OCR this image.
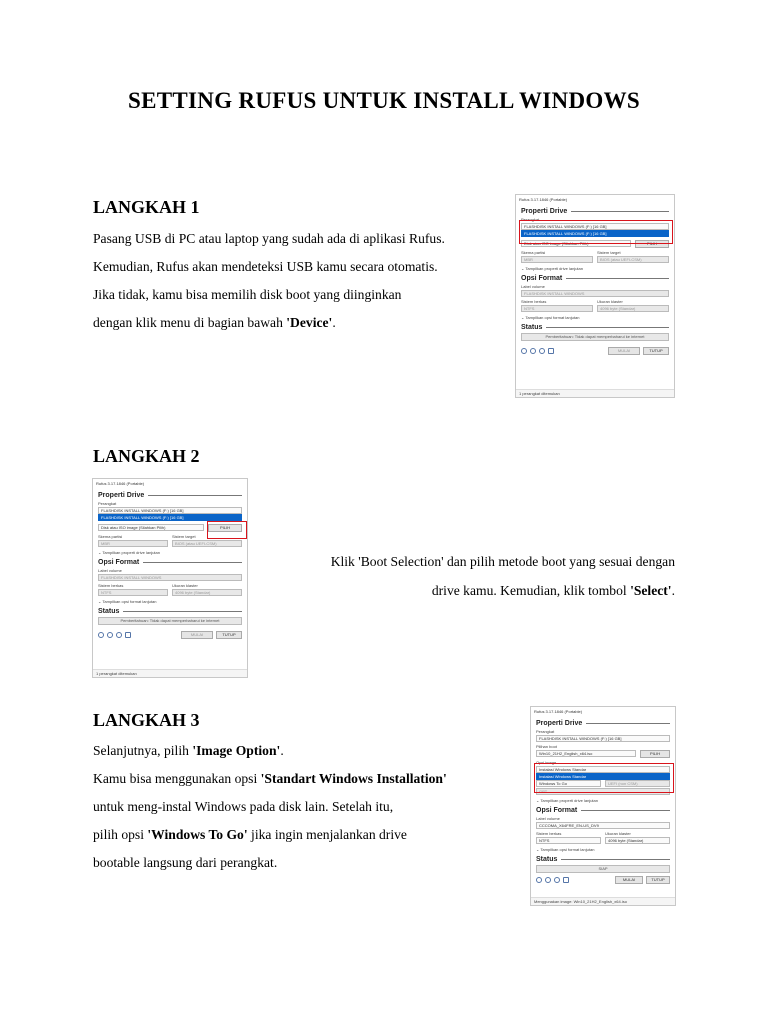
SETTING RUFUS UNTUK INSTALL WINDOWS
LANGKAH 1
Pasang USB di PC atau laptop yang sudah ada di aplikasi Rufus.
Kemudian, Rufus akan mendeteksi USB kamu secara otomatis.
Jika tidak, kamu bisa memilih disk boot yang diinginkan
dengan klik menu di bagian bawah 'Device'.
Rufus 3.17.1846 (Portable)
Properti Drive
Perangkat
FLASHDISK INSTALL WINDOWS (F:) [16 GB]
FLASHDISK INSTALL WINDOWS (F:) [16 GB]
Disk atau ISO image (Silahkan Pilih)	PILIH
Skema partisi
MBR
Sistem target
BIOS (atau UEFI-CSM)
⌄ Tampilkan properti drive lanjutan
Opsi Format
Label volume
FLASHDISK INSTALL WINDOWS
Sistem berkas
NTFS
Ukuran klaster
4096 byte (Standar)
⌄ Tampilkan opsi format lanjutan
Status
Pemberitahuan: Tidak dapat memperbaharui ke internet
MULAI	TUTUP
1 perangkat ditemukan
LANGKAH 2
Klik 'Boot Selection' dan pilih metode boot yang sesuai dengan
drive kamu. Kemudian, klik tombol 'Select'.
Rufus 3.17.1846 (Portable)
Properti Drive
Perangkat
FLASHDISK INSTALL WINDOWS (F:) [16 GB]
FLASHDISK INSTALL WINDOWS (F:) [16 GB]
Disk atau ISO image (Silahkan Pilih)	PILIH
Skema partisi
MBR
Sistem target
BIOS (atau UEFI-CSM)
⌄ Tampilkan properti drive lanjutan
Opsi Format
Label volume
FLASHDISK INSTALL WINDOWS
Sistem berkas
NTFS
Ukuran klaster
4096 byte (Standar)
⌄ Tampilkan opsi format lanjutan
Status
Pemberitahuan: Tidak dapat memperbaharui ke internet
MULAI	TUTUP
1 perangkat ditemukan
LANGKAH 3
Selanjutnya, pilih 'Image Option'.
Kamu bisa menggunakan opsi 'Standart Windows Installation'
untuk meng-instal Windows pada disk lain. Setelah itu,
pilih opsi 'Windows To Go' jika ingin menjalankan drive
bootable langsung dari perangkat.
Rufus 3.17.1846 (Portable)
Properti Drive
Perangkat
FLASHDISK INSTALL WINDOWS (F:) [16 GB]
Pilihan boot
Win10_21H2_English_x64.iso	PILIH
Opsi image
Instalasi Windows Standar
Instalasi Windows Standar
Windows To Go	UEFI (non CSM)
GPT
⌄ Tampilkan properti drive lanjutan
Opsi Format
Label volume
CCCOMA_X64FRE_EN-US_DV9
Sistem berkas
NTFS
Ukuran klaster
4096 byte (Standar)
⌄ Tampilkan opsi format lanjutan
Status
SIAP
MULAI	TUTUP
Menggunakan image: Win10_21H2_English_x64.iso
